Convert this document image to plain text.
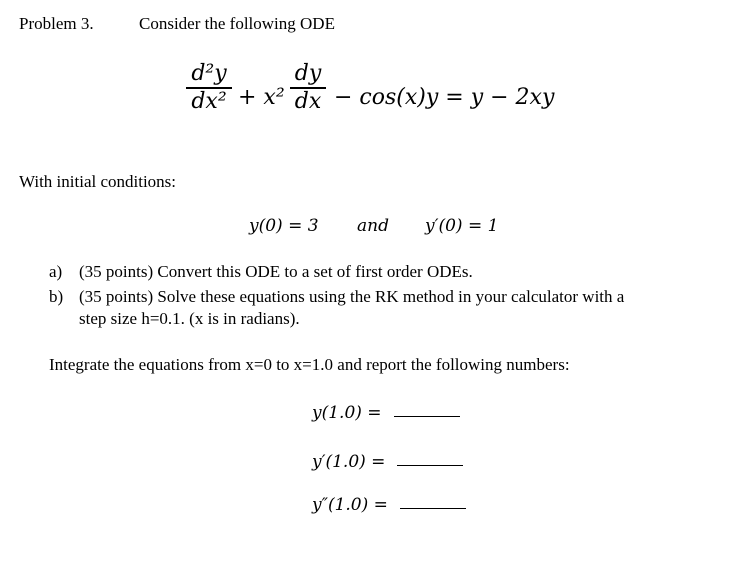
Problem 3.	Consider the following ODE
d²y
dx² + x²
dy
dx − cos(x)y = y − 2xy
With initial conditions:
y(0) = 3 and y′(0) = 1
a) (35 points) Convert this ODE to a set of first order ODEs.
b) (35 points) Solve these equations using the RK method in your calculator with a
step size h=0.1. (x is in radians).
Integrate the equations from x=0 to x=1.0 and report the following numbers:
y(1.0) =
y′(1.0) =
y″(1.0) =
